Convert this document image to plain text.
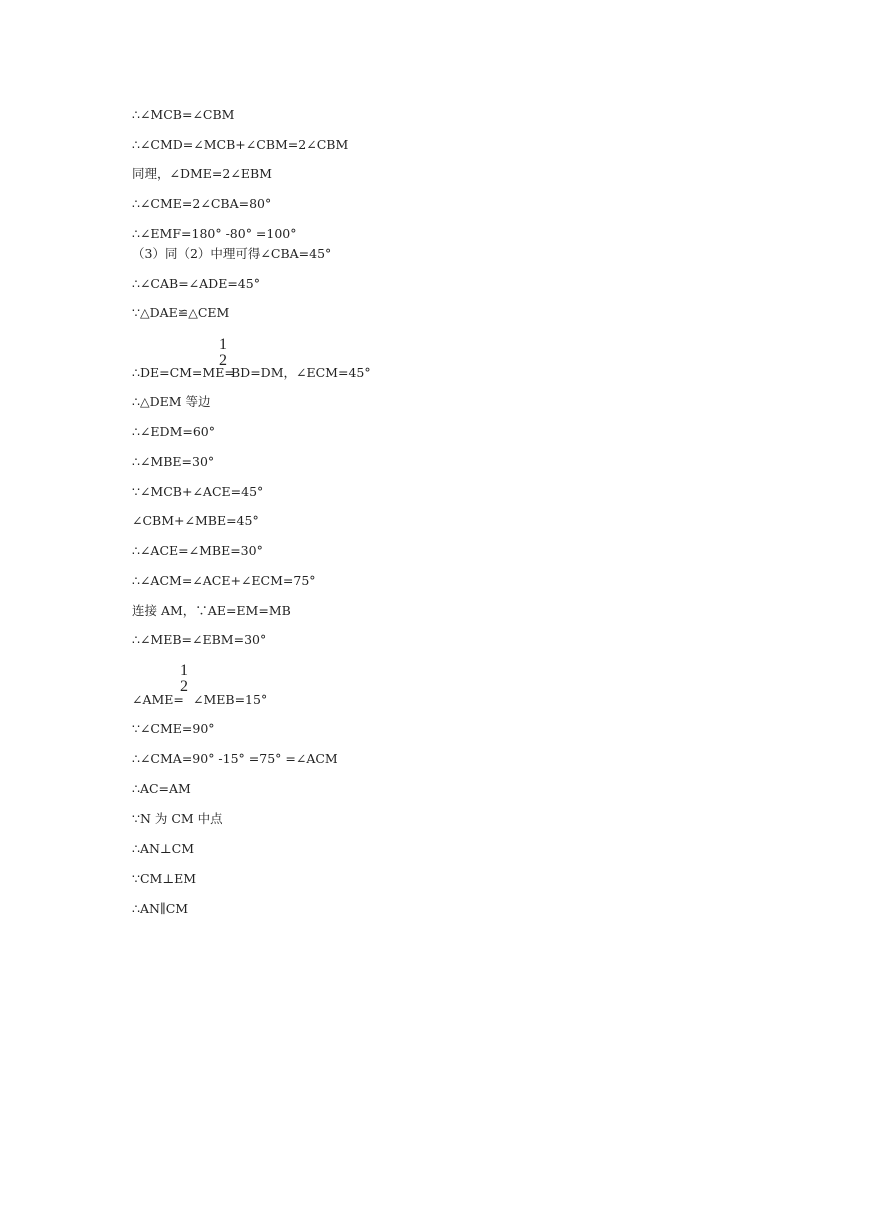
∴∠MCB=∠CBM
∴∠CMD=∠MCB+∠CBM=2∠CBM
同理，∠DME=2∠EBM
∴∠CME=2∠CBA=80°
∴∠EMF=180° -80° =100°
（3）同（2）中理可得∠CBA=45°
∴∠CAB=∠ADE=45°
∵△DAE≌△CEM
∴DE=CM=ME=
1
2
BD=DM，∠ECM=45°
∴△DEM 等边
∴∠EDM=60°
∴∠MBE=30°
∵∠MCB+∠ACE=45°
∠CBM+∠MBE=45°
∴∠ACE=∠MBE=30°
∴∠ACM=∠ACE+∠ECM=75°
连接 AM，∵AE=EM=MB
∴∠MEB=∠EBM=30°
∠AME=
1
2
∠MEB=15°
∵∠CME=90°
∴∠CMA=90° -15° =75° =∠ACM
∴AC=AM
∵N 为 CM 中点
∴AN⊥CM
∵CM⊥EM
∴AN∥CM
